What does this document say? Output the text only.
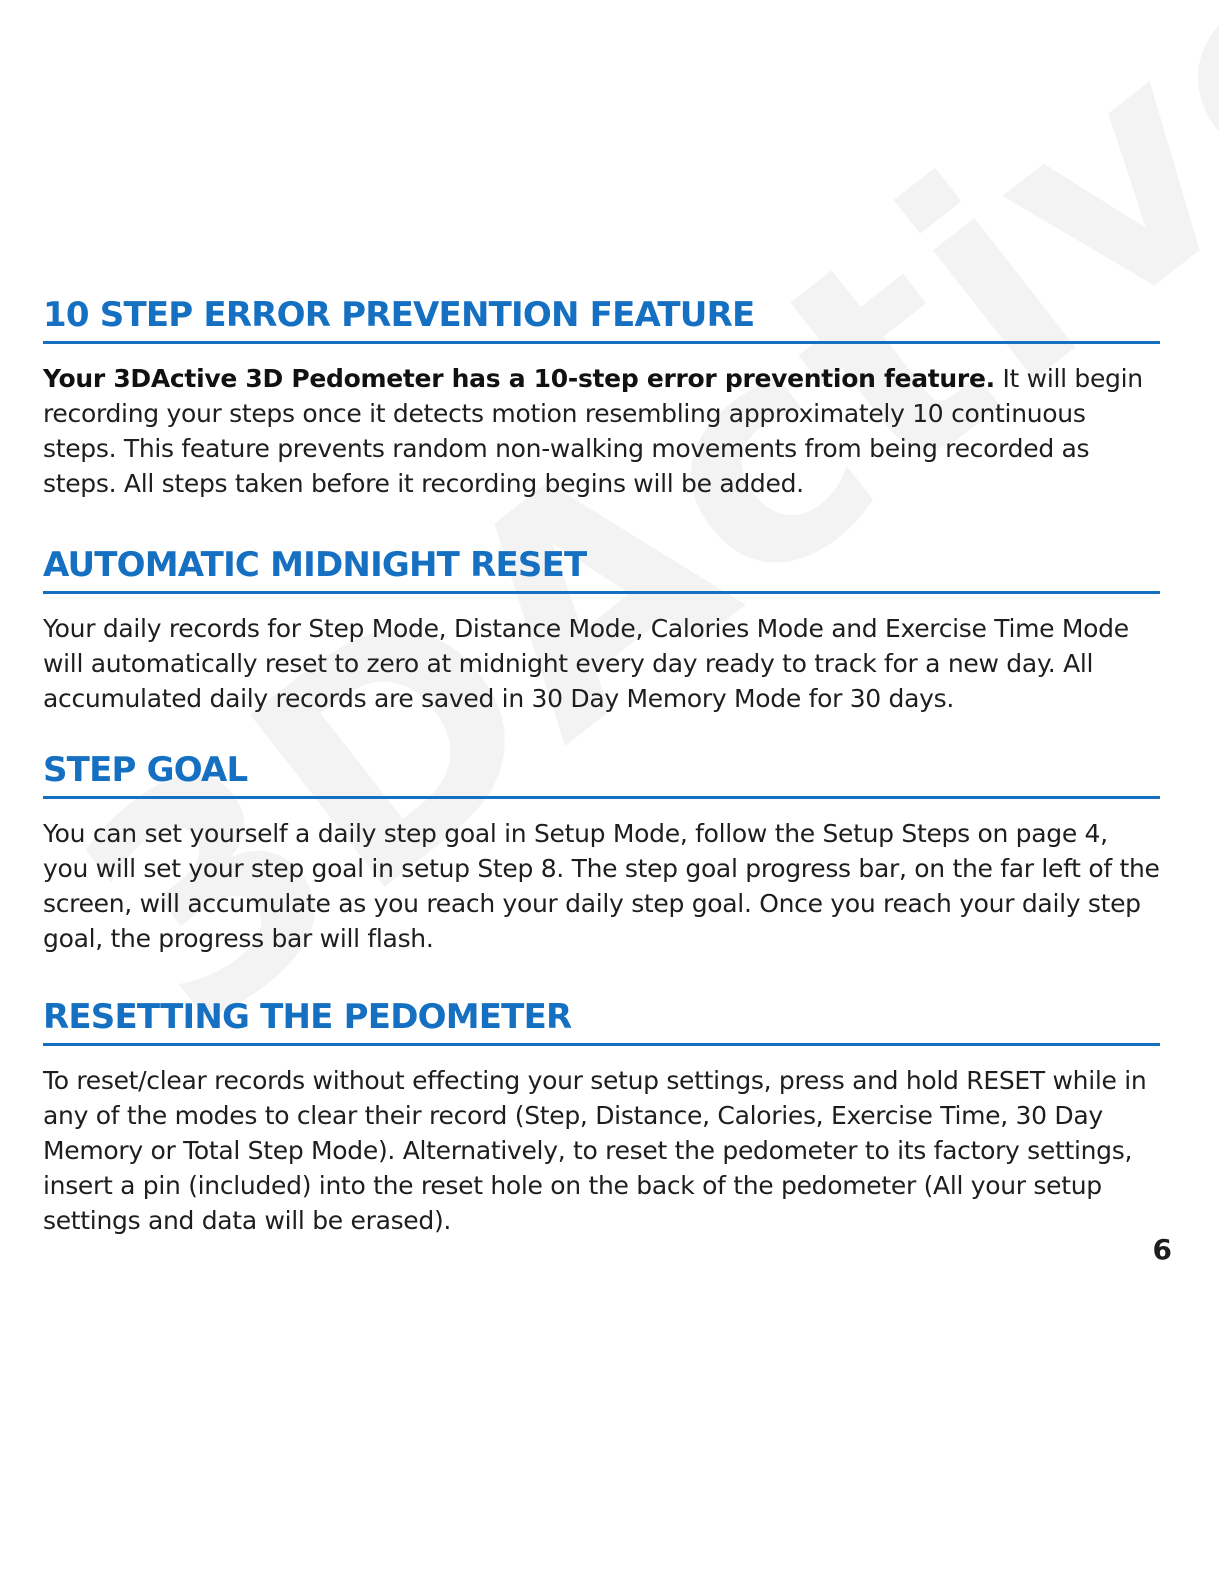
10 STEP ERROR PREVENTION FEATURE

Your 3DActive 3D Pedometer has a 10-step error prevention feature. It will begin recording your steps once it detects motion resembling approximately 10 continuous steps. This feature prevents random non-walking movements from being recorded as steps. All steps taken before it recording begins will be added.

AUTOMATIC MIDNIGHT RESET

Your daily records for Step Mode, Distance Mode, Calories Mode and Exercise Time Mode will automatically reset to zero at midnight every day ready to track for a new day. All accumulated daily records are saved in 30 Day Memory Mode for 30 days.

STEP GOAL

You can set yourself a daily step goal in Setup Mode, follow the Setup Steps on page 4, you will set your step goal in setup Step 8. The step goal progress bar, on the far left of the screen, will accumulate as you reach your daily step goal. Once you reach your daily step goal, the progress bar will flash.

RESETTING THE PEDOMETER

To reset/clear records without effecting your setup settings, press and hold RESET while in any of the modes to clear their record (Step, Distance, Calories, Exercise Time, 30 Day Memory or Total Step Mode). Alternatively, to reset the pedometer to its factory settings, insert a pin (included) into the reset hole on the back of the pedometer (All your setup settings and data will be erased).

6
